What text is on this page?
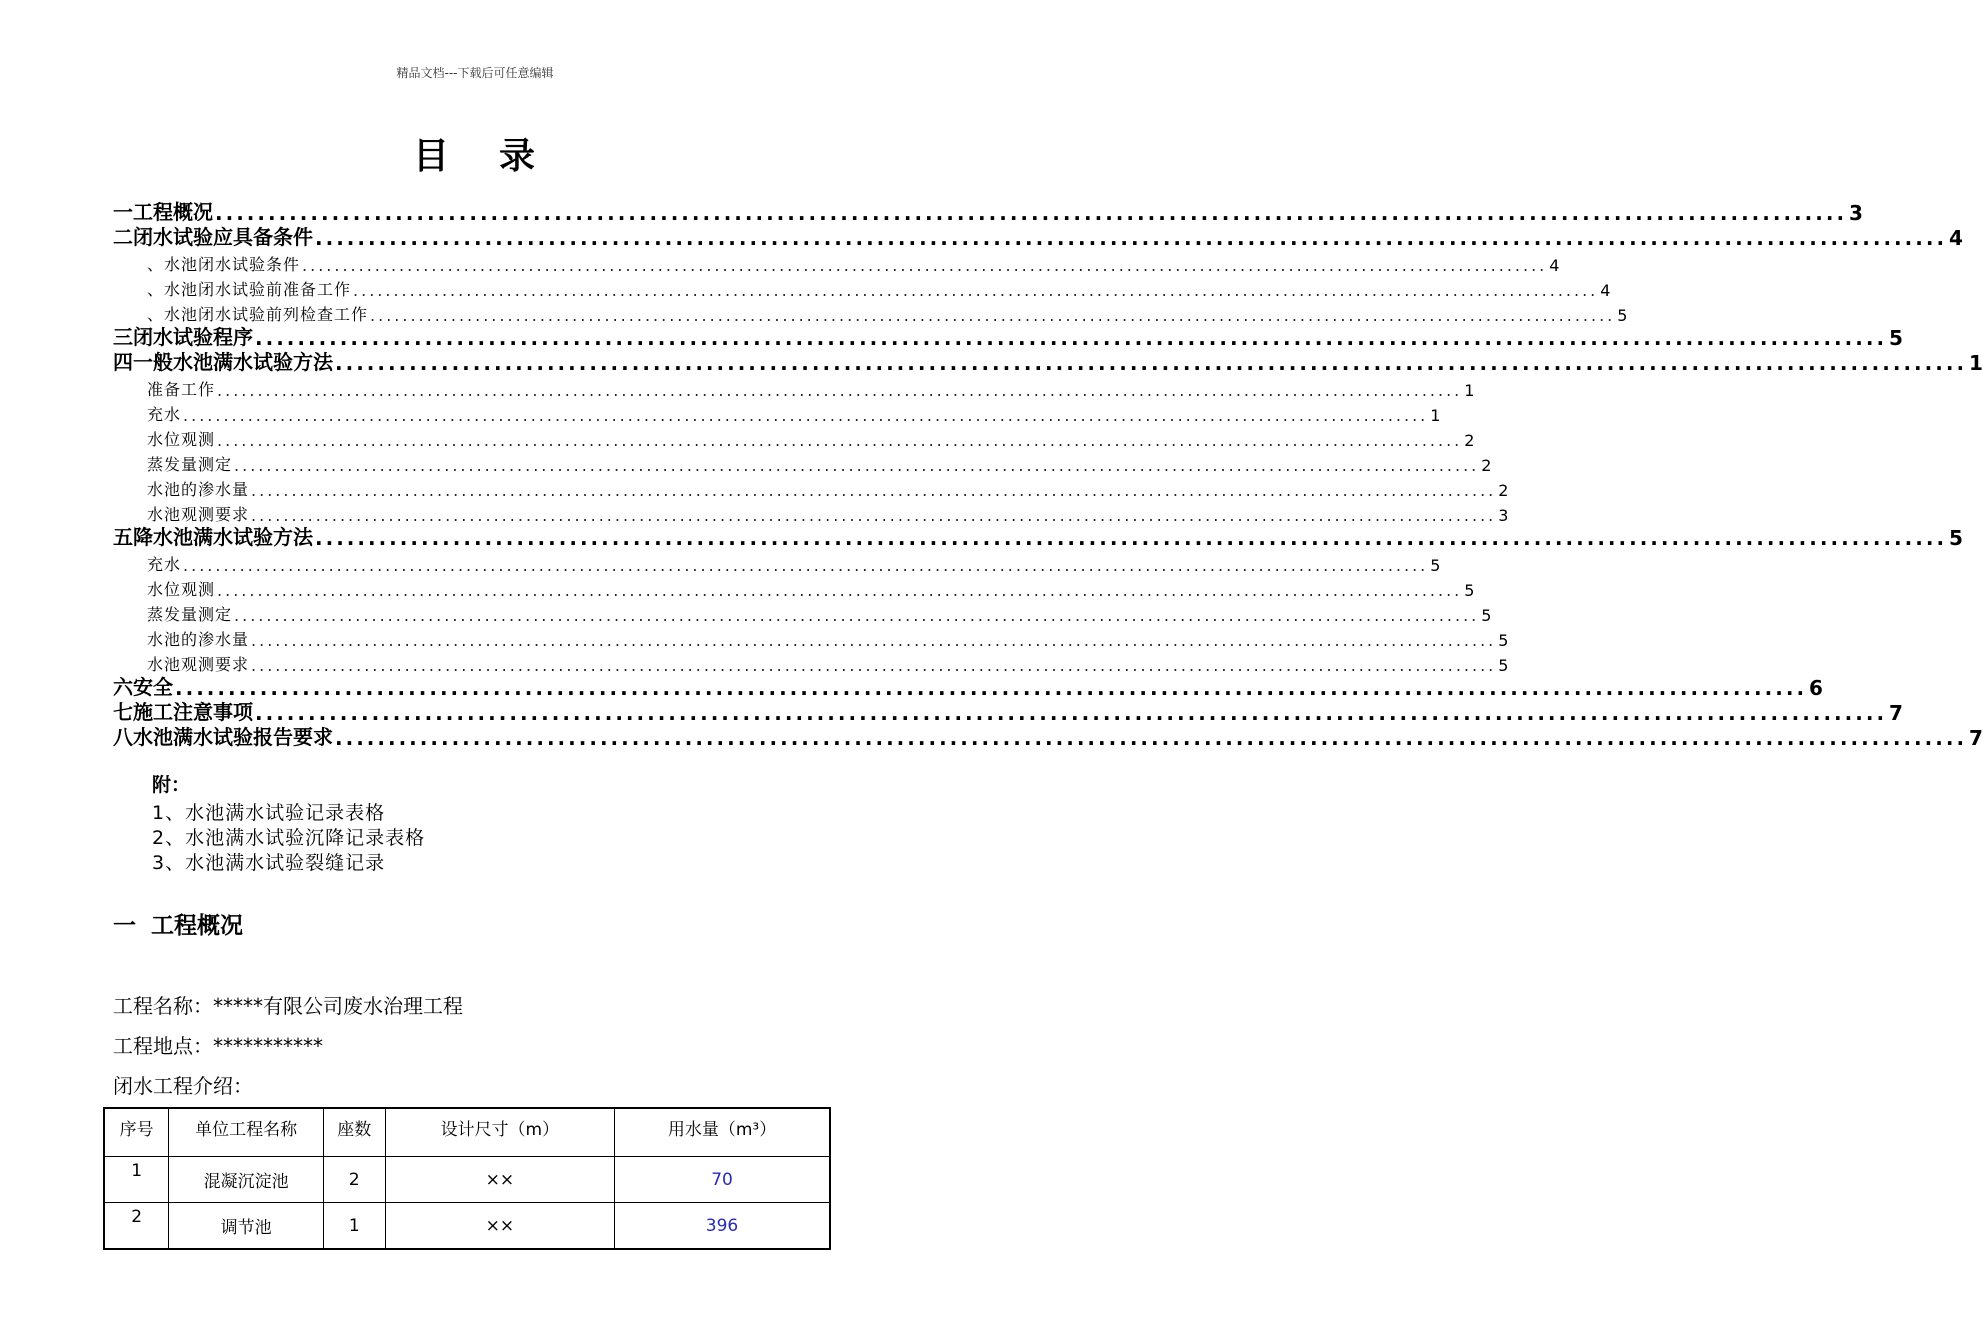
精品文档---下载后可任意编辑
目 录
一 工程概况 .......................................................................................................................................................... 3
二 闭水试验应具备条件 .......................................................................................................................................................... 4
、水池闭水试验条件 .......................................................................................................................................................... 4
、水池闭水试验前准备工作 .......................................................................................................................................................... 4
、水池闭水试验前列检查工作 .......................................................................................................................................................... 5
三 闭水试验程序 .......................................................................................................................................................... 5
四 一般水池满水试验方法 .......................................................................................................................................................... 1
准备工作 .......................................................................................................................................................... 1
充水 .......................................................................................................................................................... 1
水位观测 .......................................................................................................................................................... 2
蒸发量测定 .......................................................................................................................................................... 2
水池的渗水量 .......................................................................................................................................................... 2
水池观测要求 .......................................................................................................................................................... 3
五 降水池满水试验方法 .......................................................................................................................................................... 5
充水 .......................................................................................................................................................... 5
水位观测 .......................................................................................................................................................... 5
蒸发量测定 .......................................................................................................................................................... 5
水池的渗水量 .......................................................................................................................................................... 5
水池观测要求 .......................................................................................................................................................... 5
六 安全 .......................................................................................................................................................... 6
七 施工注意事项 .......................................................................................................................................................... 7
八 水池满水试验报告要求 .......................................................................................................................................................... 7
附：
1、水池满水试验记录表格
2、水池满水试验沉降记录表格
3、水池满水试验裂缝记录
一 工程概况
工程名称：*****有限公司废水治理工程
工程地点：***********
闭水工程介绍：
序号	单位工程名称	座数	设计尺寸（m）	用水量（m³）
1	混凝沉淀池	2	××	70
2	调节池	1	××	396
